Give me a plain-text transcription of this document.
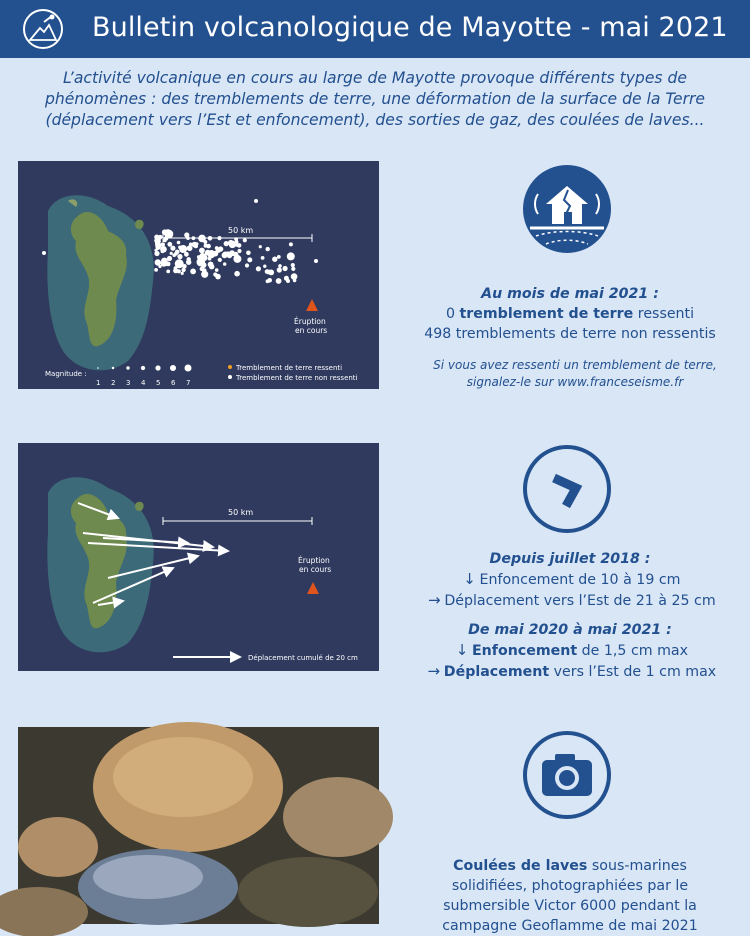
Bulletin volcanologique de Mayotte - mai 2021
L’activité volcanique en cours au large de Mayotte provoque différents types de
phénomènes : des tremblements de terre, une déformation de la surface de la Terre
(déplacement vers l’Est et enfoncement), des sorties de gaz, des coulées de laves...
50 km
Éruption
en cours
Tremblement de terre ressenti
Tremblement de terre non ressenti
Magnitude :
1 2 3 4 5 6 7
Au mois de mai 2021 :
0 tremblement de terre ressenti
498 tremblements de terre non ressentis
Si vous avez ressenti un tremblement de terre,
signalez-le sur www.franceseisme.fr
50 km
Éruption
en cours
Déplacement cumulé de 20 cm
Depuis juillet 2018 :
↓ Enfoncement de 10 à 19 cm
→ Déplacement vers l’Est de 21 à 25 cm
De mai 2020 à mai 2021 :
↓ Enfoncement de 1,5 cm max
→ Déplacement vers l’Est de 1 cm max
Coulées de laves sous-marines
solidifiées, photographiées par le
submersible Victor 6000 pendant la
campagne Geoflamme de mai 2021
